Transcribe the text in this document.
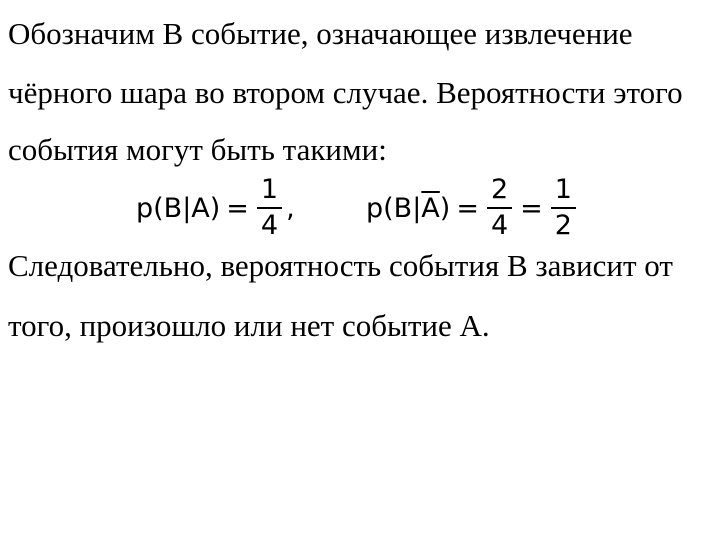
Обозначим B событие, означающее извлечение
чёрного шара во втором случае. Вероятности этого
события могут быть такими:
$p(B|A) = \frac{1}{4}$ ,	$p(B|\overline{A}) = \frac{2}{4} = \frac{1}{2}$
Следовательно, вероятность события B зависит от
того, произошло или нет событие A.
